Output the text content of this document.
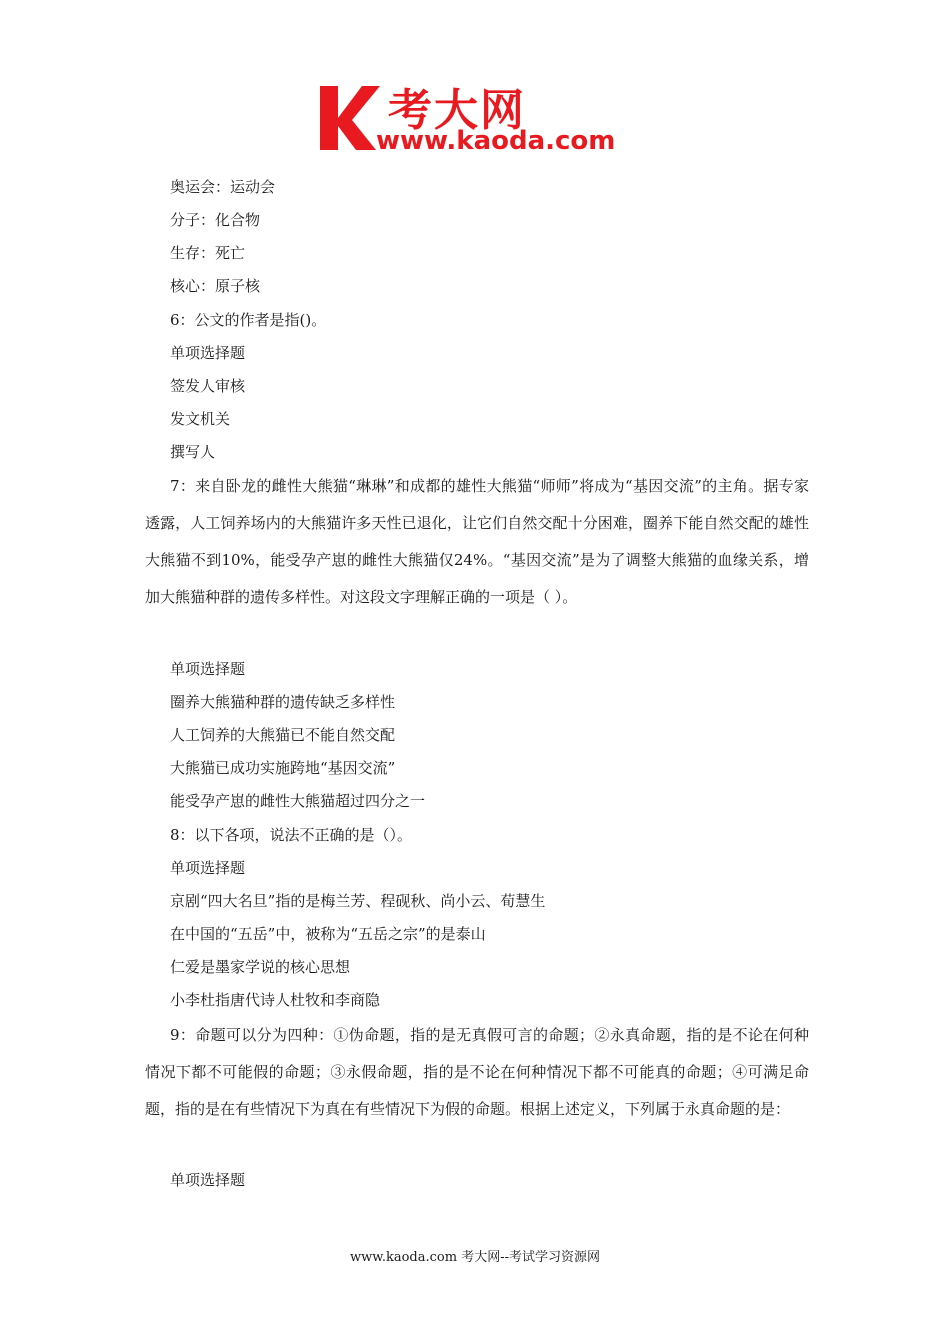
考大网
www.kaoda.com
奥运会：运动会
分子：化合物
生存：死亡
核心：原子核
6：公文的作者是指()。
单项选择题
签发人审核
发文机关
撰写人
7：来自卧龙的雌性大熊猫“琳琳”和成都的雄性大熊猫“师师”将成为“基因交流”的主角。据专家透露，人工饲养场内的大熊猫许多天性已退化，让它们自然交配十分困难，圈养下能自然交配的雄性大熊猫不到10%，能受孕产崽的雌性大熊猫仅24%。“基因交流”是为了调整大熊猫的血缘关系，增加大熊猫种群的遗传多样性。对这段文字理解正确的一项是（ ）。
单项选择题
圈养大熊猫种群的遗传缺乏多样性
人工饲养的大熊猫已不能自然交配
大熊猫已成功实施跨地“基因交流”
能受孕产崽的雌性大熊猫超过四分之一
8：以下各项，说法不正确的是（）。
单项选择题
京剧“四大名旦”指的是梅兰芳、程砚秋、尚小云、荀慧生
在中国的“五岳”中，被称为“五岳之宗”的是泰山
仁爱是墨家学说的核心思想
小李杜指唐代诗人杜牧和李商隐
9：命题可以分为四种：①伪命题，指的是无真假可言的命题；②永真命题，指的是不论在何种情况下都不可能假的命题；③永假命题，指的是不论在何种情况下都不可能真的命题；④可满足命题，指的是在有些情况下为真在有些情况下为假的命题。根据上述定义，下列属于永真命题的是：
单项选择题
www.kaoda.com 考大网--考试学习资源网
